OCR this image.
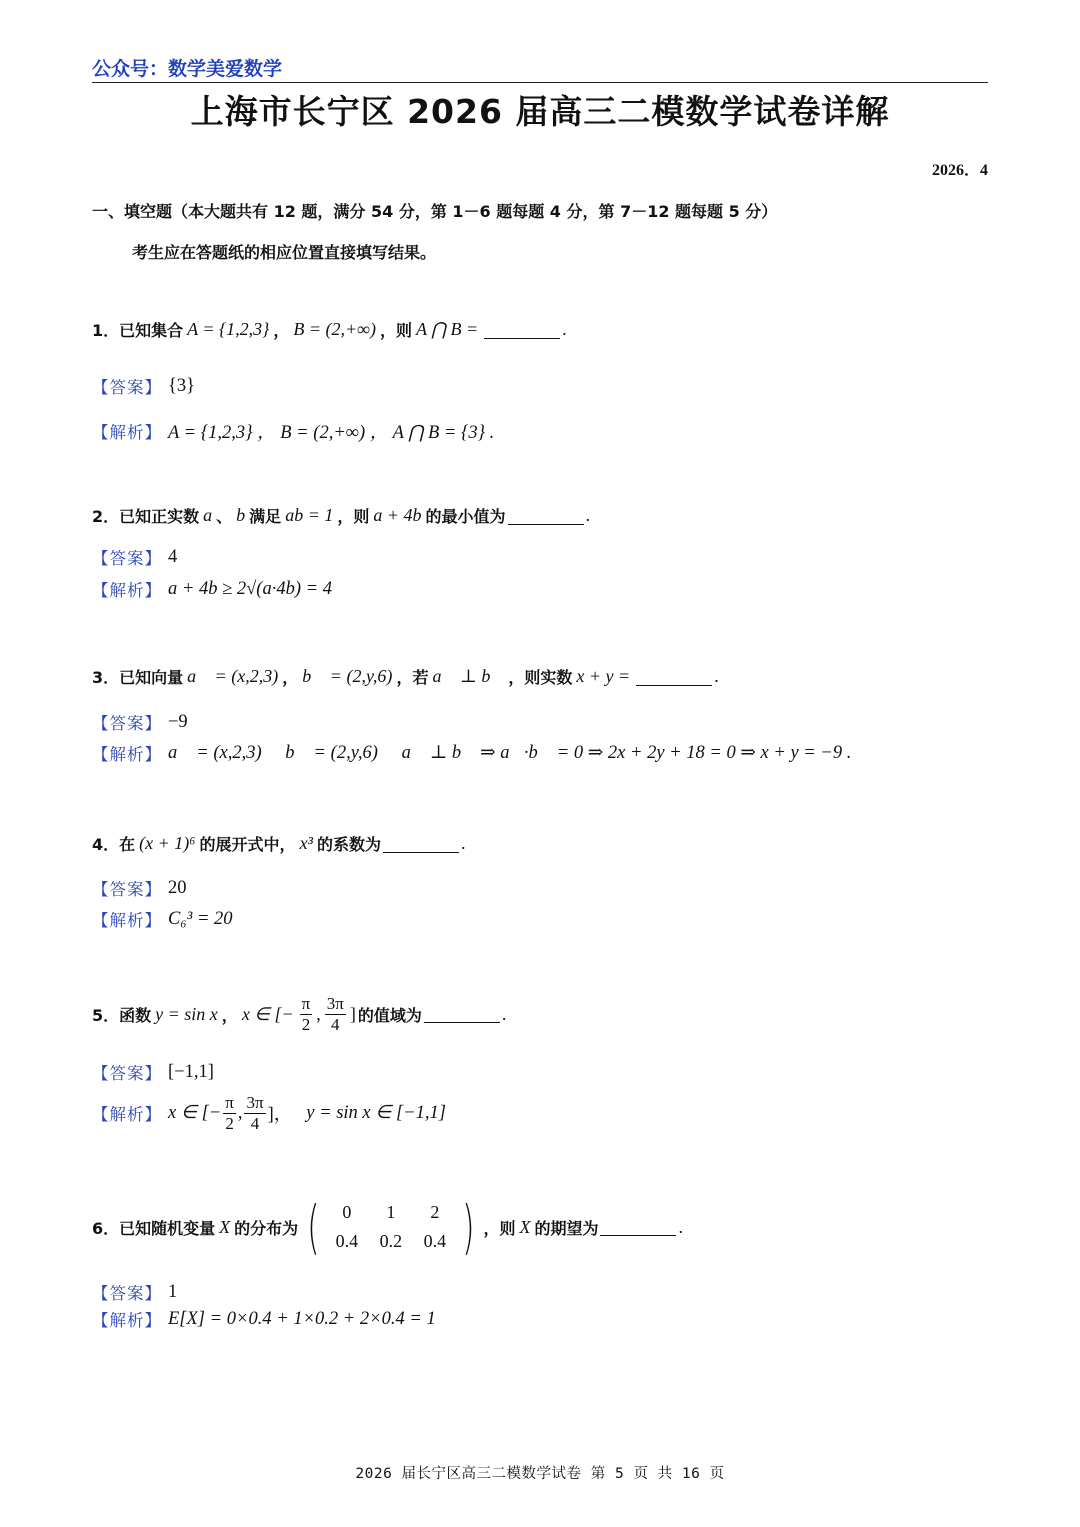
公众号：数学美爱数学
上海市长宁区 2026 届高三二模数学试卷详解
2026．4
一、填空题（本大题共有 12 题，满分 54 分，第 1－6 题每题 4 分，第 7－12 题每题 5 分）
考生应在答题纸的相应位置直接填写结果。
1． 已知集合 A = {1,2,3} ， B = (2,+∞) ，则 A ⋂ B =	.
【答案】 {3}
【解析】 A = {1,2,3} ， B = (2,+∞) ， A ⋂ B = {3} .
2． 已知正实数 a 、 b 满足 ab = 1 ，则 a + 4b 的最小值为	.
【答案】 4
【解析】 a + 4b ≥ 2√(a·4b) = 4
3． 已知向量 a⃗ = (x,2,3) ， b⃗ = (2,y,6) ，若 a⃗ ⊥ b⃗ ，则实数 x + y =	.
【答案】 −9
【解析】 a⃗ = (x,2,3) ， b⃗ = (2,y,6) ， a⃗ ⊥ b⃗ ⇒ a⃗·b⃗ = 0 ⇒ 2x + 2y + 18 = 0 ⇒ x + y = −9 .
4． 在 (x + 1)⁶ 的展开式中， x³ 的系数为	.
【答案】 20
【解析】 C₆³ = 20
5． 函数 y = sin x ， x ∈ [− $\frac{\pi}{2}$ , $\frac{3\pi}{4}$ ] 的值域为	.
【答案】 [−1,1]
【解析】 x ∈ [− $\frac{\pi}{2}$ , $\frac{3\pi}{4}$ ]， y = sin x ∈ [−1,1]
6． 已知随机变量 X 的分布为 (	0	1	2
0.4	0.2	0.4 ) ，则 X 的期望为	.
【答案】 1
【解析】 E[X] = 0×0.4 + 1×0.2 + 2×0.4 = 1
2026 届长宁区高三二模数学试卷 第 5 页 共 16 页
